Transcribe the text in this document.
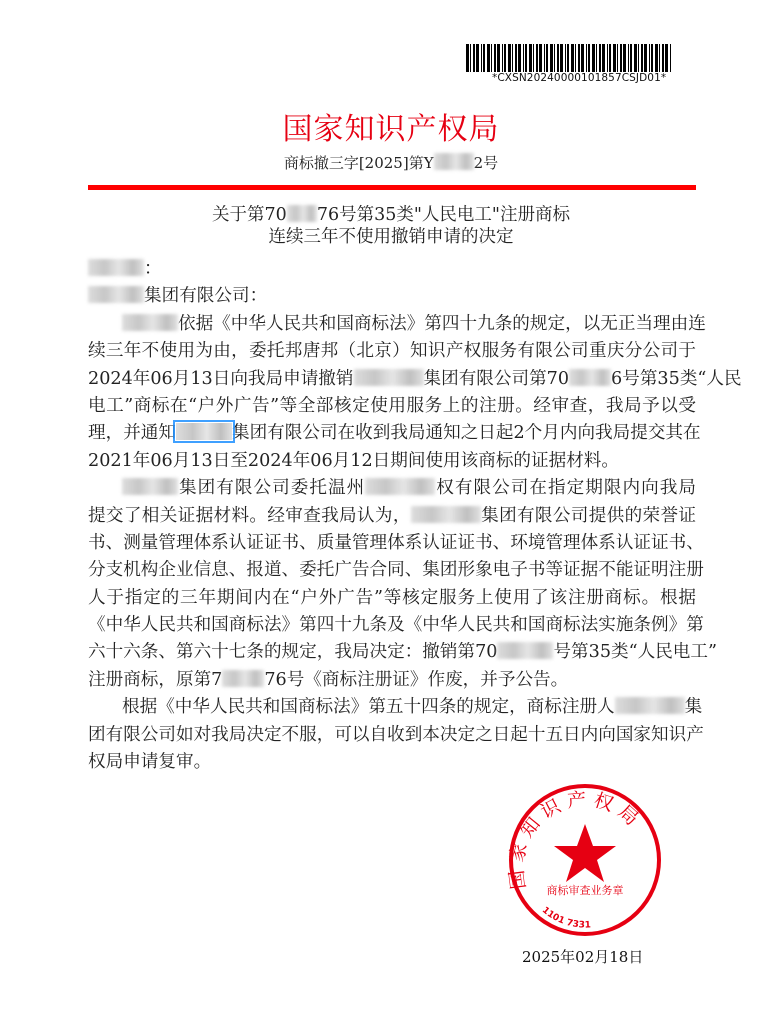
*CXSN20240000101857CSJD01*
国家知识产权局
商标撤三字[2025]第Y	2号
关于第70 76号第35类"人民电工"注册商标
连续三年不使用撤销申请的决定
：
集团有限公司：
依据《中华人民共和国商标法》第四十九条的规定，以无正当理由连
续三年不使用为由，委托邦唐邦（北京）知识产权服务有限公司重庆分公司于
2024年06月13日向我局申请撤销	集团有限公司第70 6号第35类“人民
电工”商标在“户外广告”等全部核定使用服务上的注册。经审查，我局予以受
理，并通知	集团有限公司在收到我局通知之日起2个月内向我局提交其在
2021年06月13日至2024年06月12日期间使用该商标的证据材料。
集团有限公司委托温州	权有限公司在指定期限内向我局
提交了相关证据材料。经审查我局认为，	集团有限公司提供的荣誉证
书、测量管理体系认证证书、质量管理体系认证证书、环境管理体系认证证书、
分支机构企业信息、报道、委托广告合同、集团形象电子书等证据不能证明注册
人于指定的三年期间内在“户外广告”等核定服务上使用了该注册商标。根据
《中华人民共和国商标法》第四十九条及《中华人民共和国商标法实施条例》第
六十六条、第六十七条的规定，我局决定：撤销第70	号第35类“人民电工”
注册商标，原第7 76号《商标注册证》作废，并予公告。
根据《中华人民共和国商标法》第五十四条的规定，商标注册人	集
团有限公司如对我局决定不服，可以自收到本决定之日起十五日内向国家知识产
权局申请复审。
国家知识产权局
商标审查业务章
1101 7331
2025年02月18日
